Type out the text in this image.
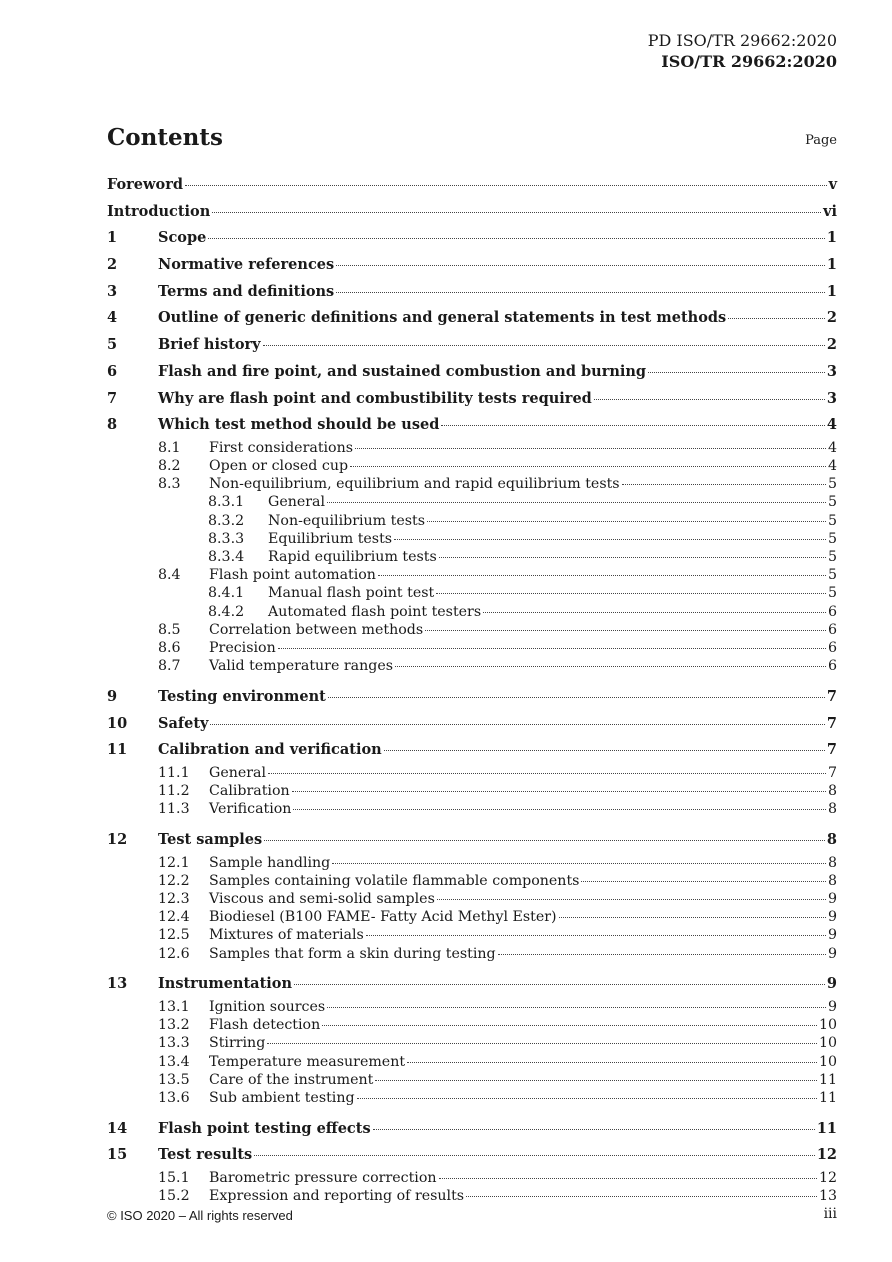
PD ISO/TR 29662:2020
ISO/TR 29662:2020
Contents	Page
Foreword	v
Introduction	vi
1	Scope	1
2	Normative references	1
3	Terms and definitions	1
4	Outline of generic definitions and general statements in test methods	2
5	Brief history	2
6	Flash and fire point, and sustained combustion and burning	3
7	Why are flash point and combustibility tests required	3
8	Which test method should be used	4
8.1	First considerations	4
8.2	Open or closed cup	4
8.3	Non-equilibrium, equilibrium and rapid equilibrium tests	5
8.3.1	General	5
8.3.2	Non-equilibrium tests	5
8.3.3	Equilibrium tests	5
8.3.4	Rapid equilibrium tests	5
8.4	Flash point automation	5
8.4.1	Manual flash point test	5
8.4.2	Automated flash point testers	6
8.5	Correlation between methods	6
8.6	Precision	6
8.7	Valid temperature ranges	6
9	Testing environment	7
10	Safety	7
11	Calibration and verification	7
11.1	General	7
11.2	Calibration	8
11.3	Verification	8
12	Test samples	8
12.1	Sample handling	8
12.2	Samples containing volatile flammable components	8
12.3	Viscous and semi-solid samples	9
12.4	Biodiesel (B100 FAME- Fatty Acid Methyl Ester)	9
12.5	Mixtures of materials	9
12.6	Samples that form a skin during testing	9
13	Instrumentation	9
13.1	Ignition sources	9
13.2	Flash detection	10
13.3	Stirring	10
13.4	Temperature measurement	10
13.5	Care of the instrument	11
13.6	Sub ambient testing	11
14	Flash point testing effects	11
15	Test results	12
15.1	Barometric pressure correction	12
15.2	Expression and reporting of results	13
© ISO 2020 – All rights reserved	iii
